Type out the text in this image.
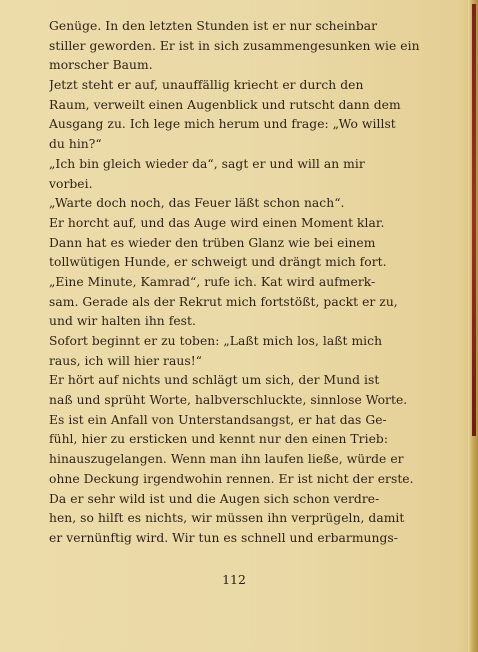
Genüge. In den letzten Stunden ist er nur scheinbar
stiller geworden. Er ist in sich zusammengesunken wie ein
morscher Baum.
Jetzt steht er auf, unauffällig kriecht er durch den
Raum, verweilt einen Augenblick und rutscht dann dem
Ausgang zu. Ich lege mich herum und frage: „Wo willst
du hin?“
„Ich bin gleich wieder da“, sagt er und will an mir
vorbei.
„Warte doch noch, das Feuer läßt schon nach“.
Er horcht auf, und das Auge wird einen Moment klar.
Dann hat es wieder den trüben Glanz wie bei einem
tollwütigen Hunde, er schweigt und drängt mich fort.
„Eine Minute, Kamrad“, rufe ich. Kat wird aufmerk-
sam. Gerade als der Rekrut mich fortstößt, packt er zu,
und wir halten ihn fest.
Sofort beginnt er zu toben: „Laßt mich los, laßt mich
raus, ich will hier raus!“
Er hört auf nichts und schlägt um sich, der Mund ist
naß und sprüht Worte, halbverschluckte, sinnlose Worte.
Es ist ein Anfall von Unterstandsangst, er hat das Ge-
fühl, hier zu ersticken und kennt nur den einen Trieb:
hinauszugelangen. Wenn man ihn laufen ließe, würde er
ohne Deckung irgendwohin rennen. Er ist nicht der erste.
Da er sehr wild ist und die Augen sich schon verdre-
hen, so hilft es nichts, wir müssen ihn verprügeln, damit
er vernünftig wird. Wir tun es schnell und erbarmungs-
112
